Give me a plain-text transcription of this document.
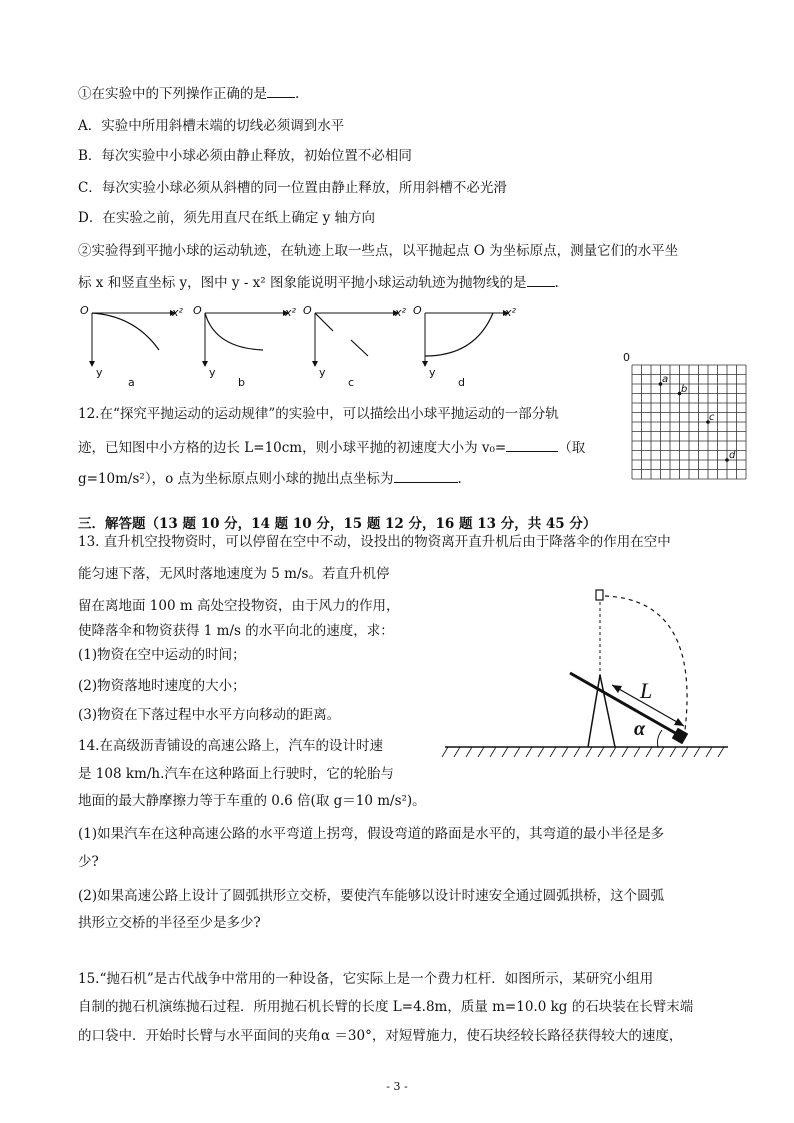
①在实验中的下列操作正确的是 .
A．实验中所用斜槽末端的切线必须调到水平
B．每次实验中小球必须由静止释放，初始位置不必相同
C．每次实验小球必须从斜槽的同一位置由静止释放，所用斜槽不必光滑
D．在实验之前，须先用直尺在纸上确定 y 轴方向
②实验得到平抛小球的运动轨迹，在轨迹上取一些点，以平抛起点 O 为坐标原点，测量它们的水平坐
标 x 和竖直坐标 y，图中 y - x² 图象能说明平抛小球运动轨迹为抛物线的是 .
O	x²
y
a
O	x²
y
b
O	x²
y
c
O	x²
y
d
0
a
b
c
d
12.在“探究平抛运动的运动规律”的实验中，可以描绘出小球平抛运动的一部分轨
迹，已知图中小方格的边长 L=10cm，则小球平抛的初速度大小为 v₀=	（取
g=10m/s²），o 点为坐标原点则小球的抛出点坐标为	.
三．解答题（13 题 10 分，14 题 10 分，15 题 12 分，16 题 13 分，共 45 分）
13. 直升机空投物资时，可以停留在空中不动，设投出的物资离开直升机后由于降落伞的作用在空中
能匀速下落，无风时落地速度为 5 m/s。若直升机停
留在离地面 100 m 高处空投物资，由于风力的作用，
使降落伞和物资获得 1 m/s 的水平向北的速度，求：
(1)物资在空中运动的时间；
(2)物资落地时速度的大小；
(3)物资在下落过程中水平方向移动的距离。
L
α
14.在高级沥青铺设的高速公路上，汽车的设计时速
是 108 km/h.汽车在这种路面上行驶时，它的轮胎与
地面的最大静摩擦力等于车重的 0.6 倍(取 g＝10 m/s²)。
(1)如果汽车在这种高速公路的水平弯道上拐弯，假设弯道的路面是水平的，其弯道的最小半径是多
少?
(2)如果高速公路上设计了圆弧拱形立交桥，要使汽车能够以设计时速安全通过圆弧拱桥，这个圆弧
拱形立交桥的半径至少是多少?
15.“抛石机”是古代战争中常用的一种设备，它实际上是一个费力杠杆．如图所示，某研究小组用
自制的抛石机演练抛石过程．所用抛石机长臂的长度 L=4.8m，质量 m=10.0 kg 的石块装在长臂末端
的口袋中．开始时长臂与水平面间的夹角α ＝30°，对短臂施力，使石块经较长路径获得较大的速度，
- 3 -
